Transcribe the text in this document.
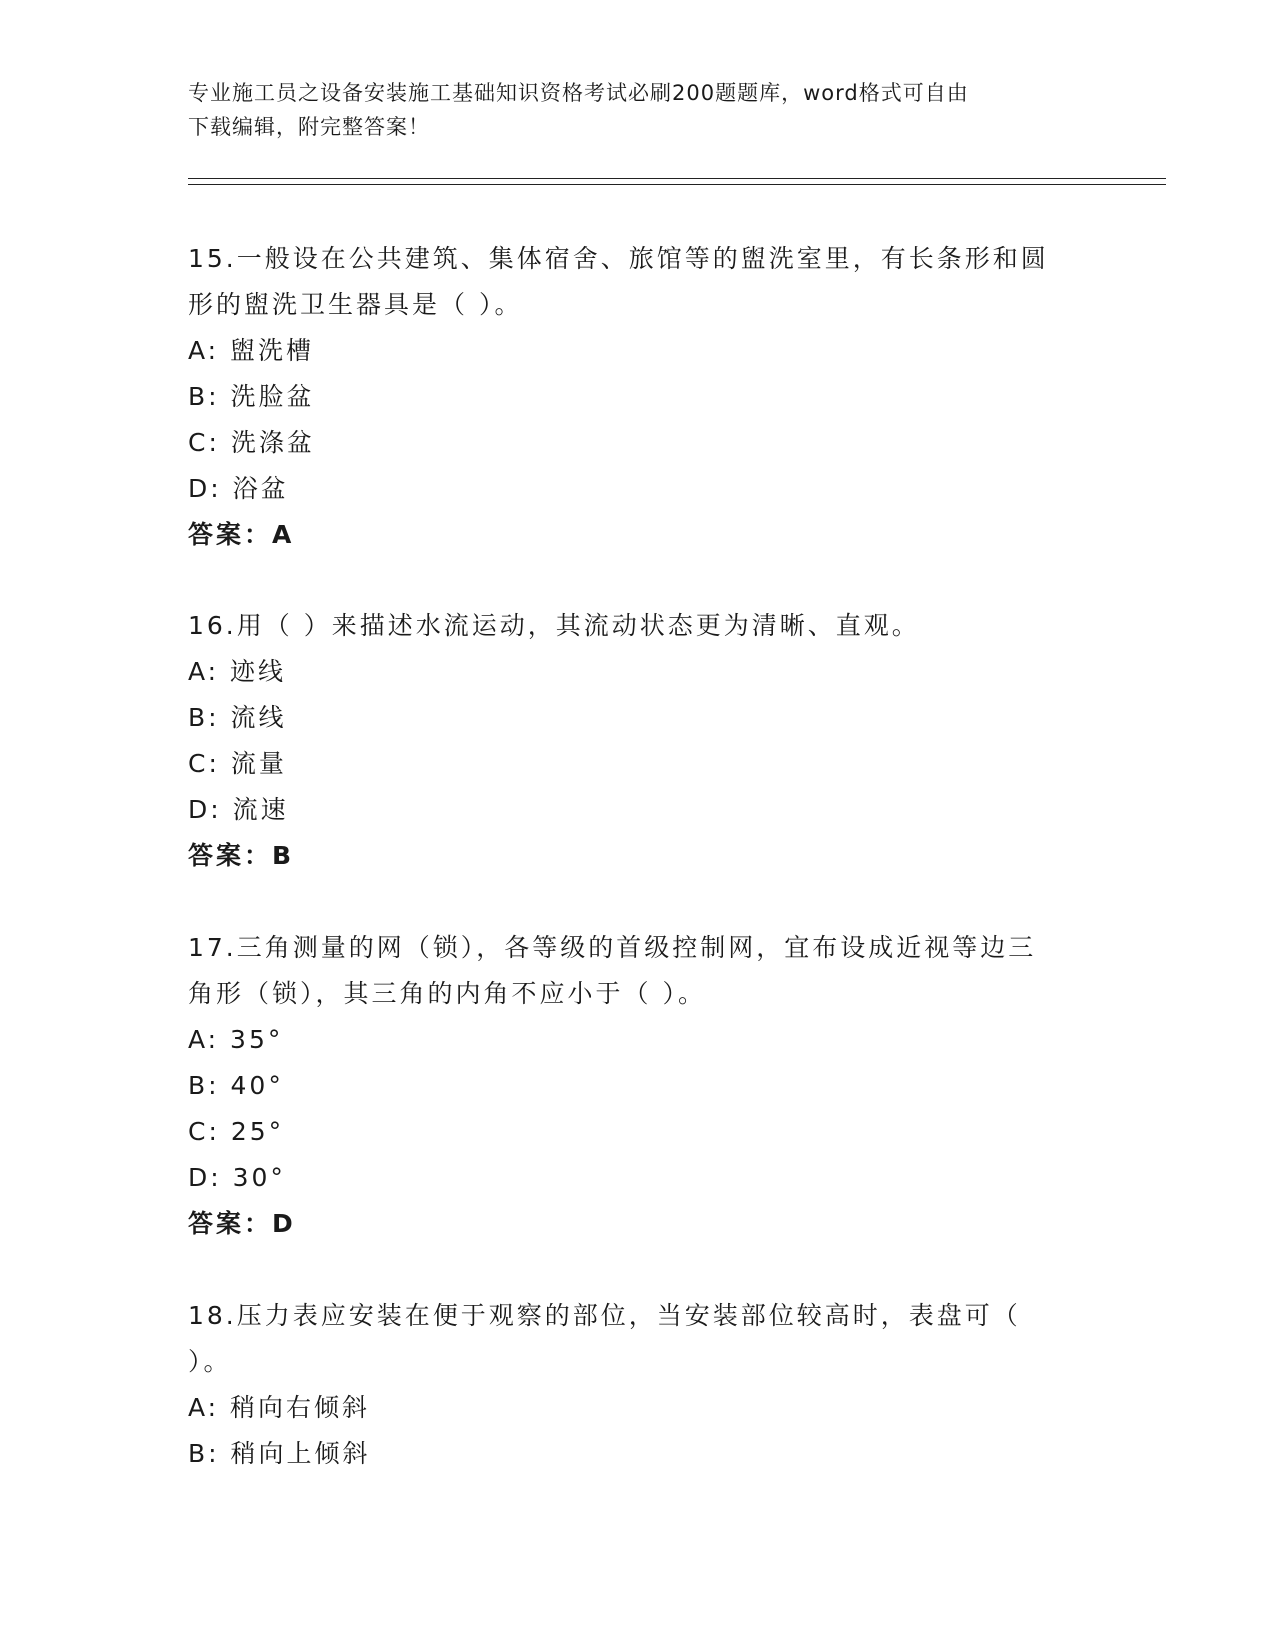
专业施工员之设备安装施工基础知识资格考试必刷200题题库，word格式可自由
下载编辑，附完整答案！
15.一般设在公共建筑、集体宿舍、旅馆等的盥洗室里，有长条形和圆
形的盥洗卫生器具是（ ）。
A: 盥洗槽
B: 洗脸盆
C: 洗涤盆
D: 浴盆
答案：A
16.用（ ）来描述水流运动，其流动状态更为清晰、直观。
A: 迹线
B: 流线
C: 流量
D: 流速
答案：B
17.三角测量的网（锁），各等级的首级控制网，宜布设成近视等边三
角形（锁），其三角的内角不应小于（ ）。
A: 35°
B: 40°
C: 25°
D: 30°
答案：D
18.压力表应安装在便于观察的部位，当安装部位较高时，表盘可（
）。
A: 稍向右倾斜
B: 稍向上倾斜
